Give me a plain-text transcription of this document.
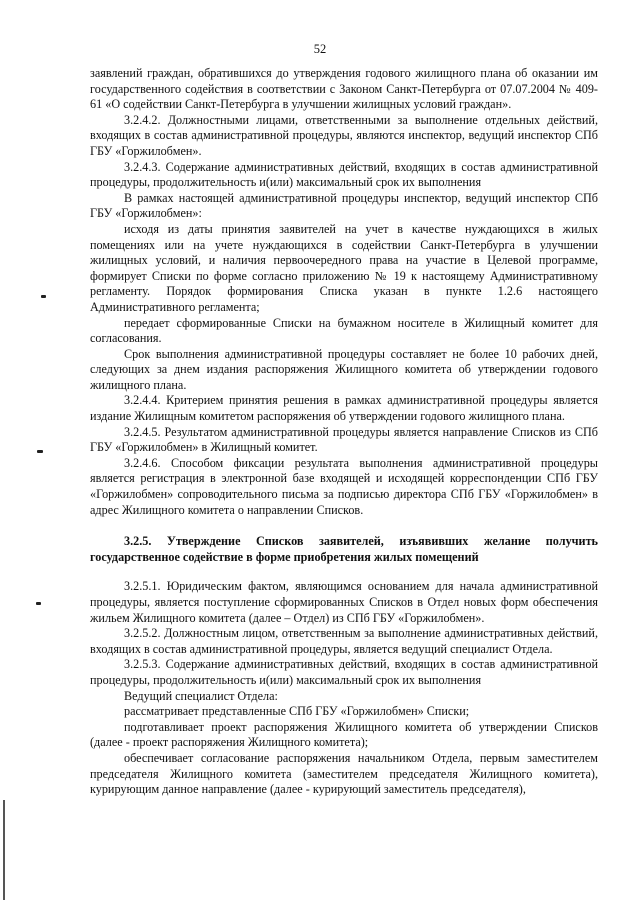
52

заявлений граждан, обратившихся до утверждения годового жилищного плана об оказании им государственного содействия в соответствии с Законом Санкт-Петербурга от 07.07.2004 № 409-61 «О содействии Санкт-Петербурга в улучшении жилищных условий граждан».

3.2.4.2. Должностными лицами, ответственными за выполнение отдельных действий, входящих в состав административной процедуры, являются инспектор, ведущий инспектор СПб ГБУ «Горжилобмен».

3.2.4.3. Содержание административных действий, входящих в состав административной процедуры, продолжительность и(или) максимальный срок их выполнения

В рамках настоящей административной процедуры инспектор, ведущий инспектор СПб ГБУ «Горжилобмен»:

исходя из даты принятия заявителей на учет в качестве нуждающихся в жилых помещениях или на учете нуждающихся в содействии Санкт-Петербурга в улучшении жилищных условий, и наличия первоочередного права на участие в Целевой программе, формирует Списки по форме согласно приложению № 19 к настоящему Административному регламенту. Порядок формирования Списка указан в пункте 1.2.6 настоящего Административного регламента;

передает сформированные Списки на бумажном носителе в Жилищный комитет для согласования.

Срок выполнения административной процедуры составляет не более 10 рабочих дней, следующих за днем издания распоряжения Жилищного комитета об утверждении годового жилищного плана.

3.2.4.4. Критерием принятия решения в рамках административной процедуры является издание Жилищным комитетом распоряжения об утверждении годового жилищного плана.

3.2.4.5. Результатом административной процедуры является направление Списков из СПб ГБУ «Горжилобмен» в Жилищный комитет.

3.2.4.6. Способом фиксации результата выполнения административной процедуры является регистрация в электронной базе входящей и исходящей корреспонденции СПб ГБУ «Горжилобмен» сопроводительного письма за подписью директора СПб ГБУ «Горжилобмен» в адрес Жилищного комитета о направлении Списков.

3.2.5. Утверждение Списков заявителей, изъявивших желание получить государственное содействие в форме приобретения жилых помещений

3.2.5.1. Юридическим фактом, являющимся основанием для начала административной процедуры, является поступление сформированных Списков в Отдел новых форм обеспечения жильем Жилищного комитета (далее – Отдел) из СПб ГБУ «Горжилобмен».

3.2.5.2. Должностным лицом, ответственным за выполнение административных действий, входящих в состав административной процедуры, является ведущий специалист Отдела.

3.2.5.3. Содержание административных действий, входящих в состав административной процедуры, продолжительность и(или) максимальный срок их выполнения

Ведущий специалист Отдела:

рассматривает представленные СПб ГБУ «Горжилобмен» Списки;

подготавливает проект распоряжения Жилищного комитета об утверждении Списков (далее - проект распоряжения Жилищного комитета);

обеспечивает согласование распоряжения начальником Отдела, первым заместителем председателя Жилищного комитета (заместителем председателя Жилищного комитета), курирующим данное направление (далее - курирующий заместитель председателя),
